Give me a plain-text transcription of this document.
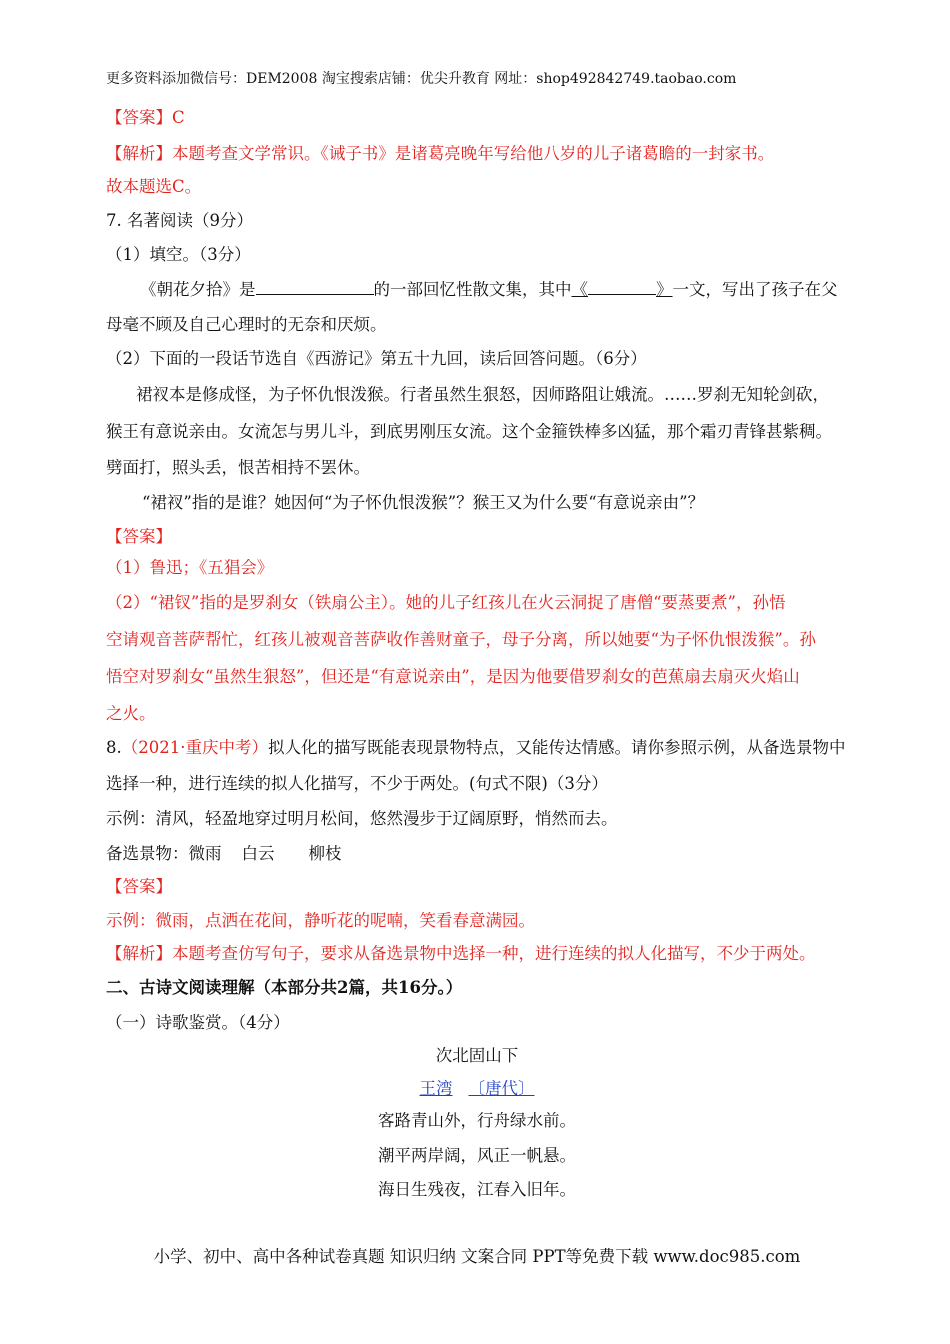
更多资料添加微信号：DEM2008 淘宝搜索店铺：优尖升教育 网址：shop492842749.taobao.com
【答案】C
【解析】本题考查文学常识。《诫子书》是诸葛亮晚年写给他八岁的儿子诸葛瞻的一封家书。
故本题选C。
7. 名著阅读（9分）
（1）填空。（3分）
《朝花夕拾》是	的一部回忆性散文集，其中《	》一文，写出了孩子在父
母毫不顾及自己心理时的无奈和厌烦。
（2）下面的一段话节选自《西游记》第五十九回，读后回答问题。（6分）
裙衩本是修成怪，为子怀仇恨泼猴。行者虽然生狠怒，因师路阻让娥流。……罗刹无知轮剑砍，
猴王有意说亲由。女流怎与男儿斗，到底男刚压女流。这个金箍铁棒多凶猛，那个霜刃青锋甚紫稠。
劈面打，照头丢，恨苦相持不罢休。
“裙衩”指的是谁？她因何“为子怀仇恨泼猴”？猴王又为什么要“有意说亲由”？
【答案】
（1）鲁迅；《五猖会》
（2）“裙钗”指的是罗刹女（铁扇公主）。她的儿子红孩儿在火云洞捉了唐僧“要蒸要煮”，孙悟
空请观音菩萨帮忙，红孩儿被观音菩萨收作善财童子，母子分离，所以她要“为子怀仇恨泼猴”。孙
悟空对罗刹女“虽然生狠怒”，但还是“有意说亲由”，是因为他要借罗刹女的芭蕉扇去扇灭火焰山
之火。
8.（2021·重庆中考）拟人化的描写既能表现景物特点，又能传达情感。请你参照示例，从备选景物中
选择一种，进行连续的拟人化描写，不少于两处。(句式不限)（3分）
示例：清风，轻盈地穿过明月松间，悠然漫步于辽阔原野，悄然而去。
备选景物：微雨 白云 柳枝
【答案】
示例：微雨，点洒在花间，静听花的呢喃，笑看春意满园。
【解析】本题考查仿写句子，要求从备选景物中选择一种，进行连续的拟人化描写，不少于两处。
二、古诗文阅读理解（本部分共2篇，共16分。）
（一）诗歌鉴赏。（4分）
次北固山下
王湾 〔唐代〕
客路青山外，行舟绿水前。
潮平两岸阔，风正一帆悬。
海日生残夜，江春入旧年。
小学、初中、高中各种试卷真题 知识归纳 文案合同 PPT等免费下载 www.doc985.com
